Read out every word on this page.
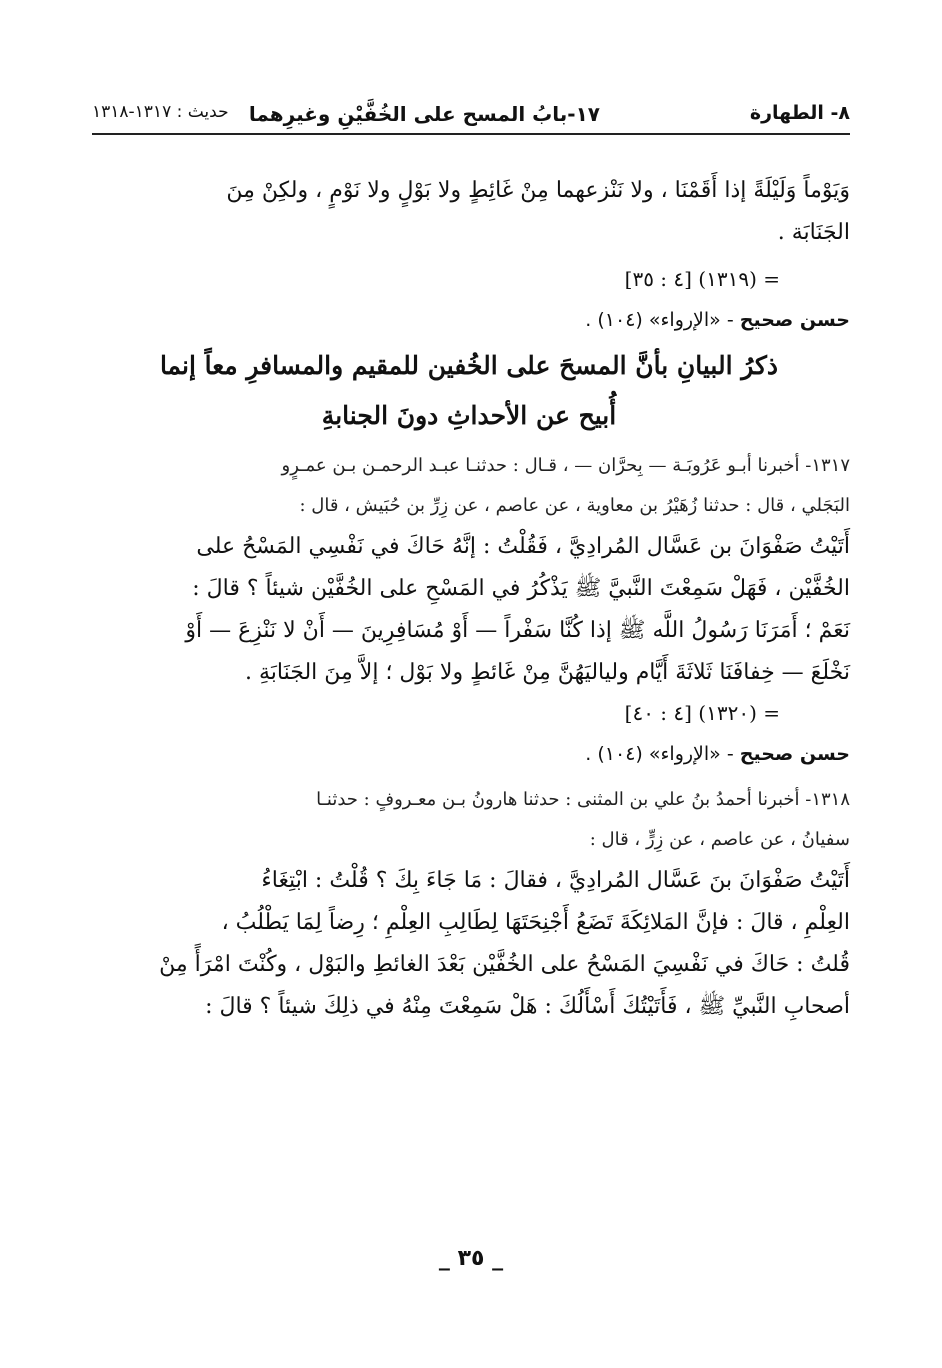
٨- الطهارة
١٧-بابُ المسح على الخُفَّيْنِ وغيرِهما
حديث : ١٣١٧-١٣١٨

وَيَوْماً وَلَيْلَةً إذا أَقَمْنَا ، ولا نَنْزعهما مِنْ غَائِطٍ ولا بَوْلٍ ولا نَوْمٍ ، ولكِنْ مِنَ

الجَنَابَة .

= (١٣١٩) [٤ : ٣٥]

حسن صحيح - «الإرواء» (١٠٤) .

ذكرُ البيانِ بأنَّ المسحَ على الخُفين للمقيم والمسافرِ معاً إنما

أُبيح عن الأحداثِ دونَ الجنابةِ

١٣١٧- أخبرنا أبـو عَرُوبَـة — بِحرَّان — ، قـال : حدثنـا عبـد الرحمـن بـن عمـرٍو

البَجَلي ، قال : حدثنا زُهَيْرُ بن معاوية ، عن عاصم ، عن زِرِّ بن حُبَيش ، قال :

أَتَيْتُ صَفْوَانَ بن عَسَّال المُرادِيَّ ، فَقُلْتُ : إنَّهُ حَاكَ في نَفْسِي المَسْحُ على

الخُفَّيْن ، فَهَلْ سَمِعْتَ النَّبيَّ ﷺ يَذْكُرُ في المَسْحِ على الخُفَّيْن شيئاً ؟ قالَ :

نَعَمْ ؛ أَمَرَنَا رَسُولُ اللَّه ﷺ إذا كُنَّا سَفْراً — أَوْ مُسَافِرِينَ — أَنْ لا نَنْزِعَ — أَوْ

نَخْلَعَ — خِفافَنَا ثَلاثَةَ أَيَّام ولياليَهُنَّ مِنْ غَائطٍ ولا بَوْل ؛ إلاَّ مِنَ الجَنَابَةِ .

= (١٣٢٠) [٤ : ٤٠]

حسن صحيح - «الإرواء» (١٠٤) .

١٣١٨- أخبرنا أحمدُ بنُ علي بن المثنى : حدثنا هارونُ بـن معـروفٍ : حدثنـا

سفيانُ ، عن عاصم ، عن زِرٍّ ، قال :

أَتَيْتُ صَفْوَانَ بنَ عَسَّال المُرادِيَّ ، فقالَ : مَا جَاءَ بِكَ ؟ قُلْتُ : ابْتِغَاءُ

العِلْمِ ، قالَ : فإنَّ المَلائِكَةَ تَضَعُ أَجْنِحَتَهَا لِطَالِبِ العِلْمِ ؛ رِضاً لِمَا يَطْلُبُ ،

قُلتُ : حَاكَ في نَفْسِيَ المَسْحُ على الخُفَّيْن بَعْدَ الغائطِ والبَوْل ، وكُنْتَ امْرَأً مِنْ

أصحابِ النَّبيِّ ﷺ ، فَأَتَيْتُكَ أَسْأَلُكَ : هَلْ سَمِعْتَ مِنْهُ في ذلِكَ شيئاً ؟ قالَ :

_ ٣٥ _
